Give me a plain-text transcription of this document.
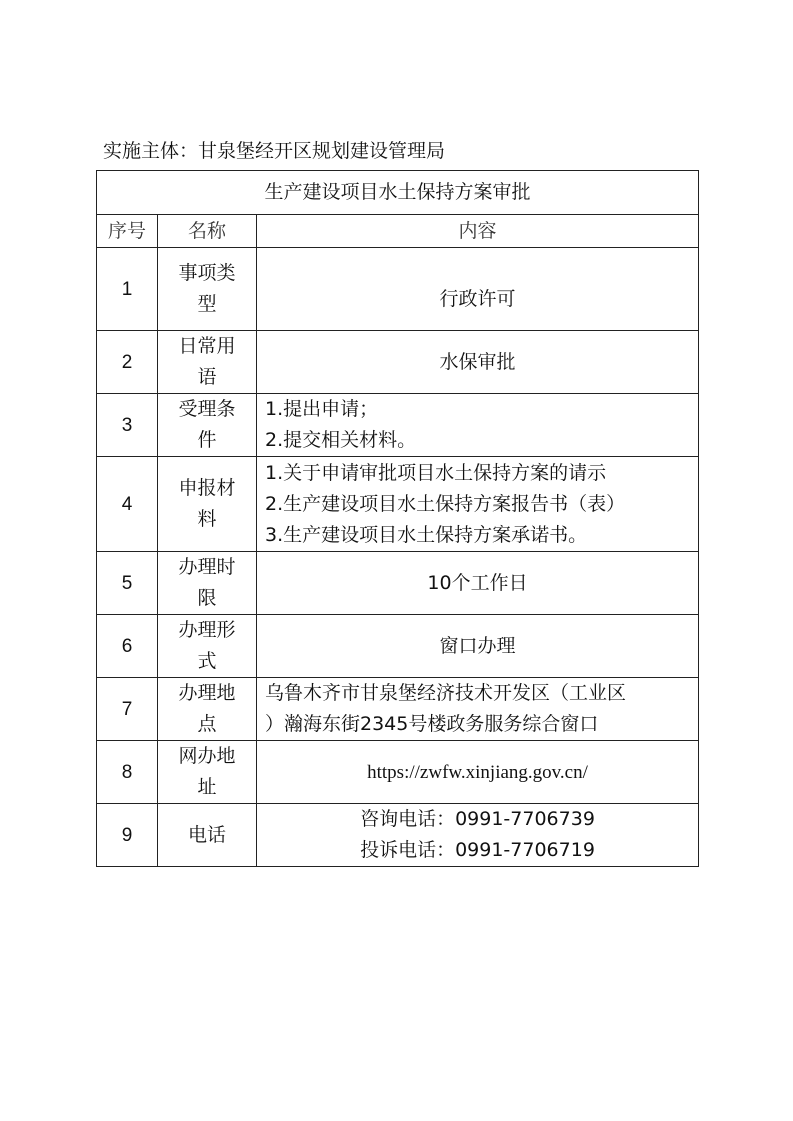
实施主体：甘泉堡经开区规划建设管理局
生产建设项目水土保持方案审批		
序号	名称	内容
1	事项类型	行政许可

2	日常用语	水保审批

3	受理条件	1.提出申请；
2.提交相关材料。

4	申报材料	1.关于申请审批项目水土保持方案的请示
2.生产建设项目水土保持方案报告书（表）
3.生产建设项目水土保持方案承诺书。

5	办理时限	10个工作日

6	办理形式	窗口办理

7	办理地点	乌鲁木齐市甘泉堡经济技术开发区（工业区
）瀚海东街2345号楼政务服务综合窗口

8	网办地址	https://zwfw.xinjiang.gov.cn/

9	电话	咨询电话：0991-7706739
投诉电话：0991-7706719
